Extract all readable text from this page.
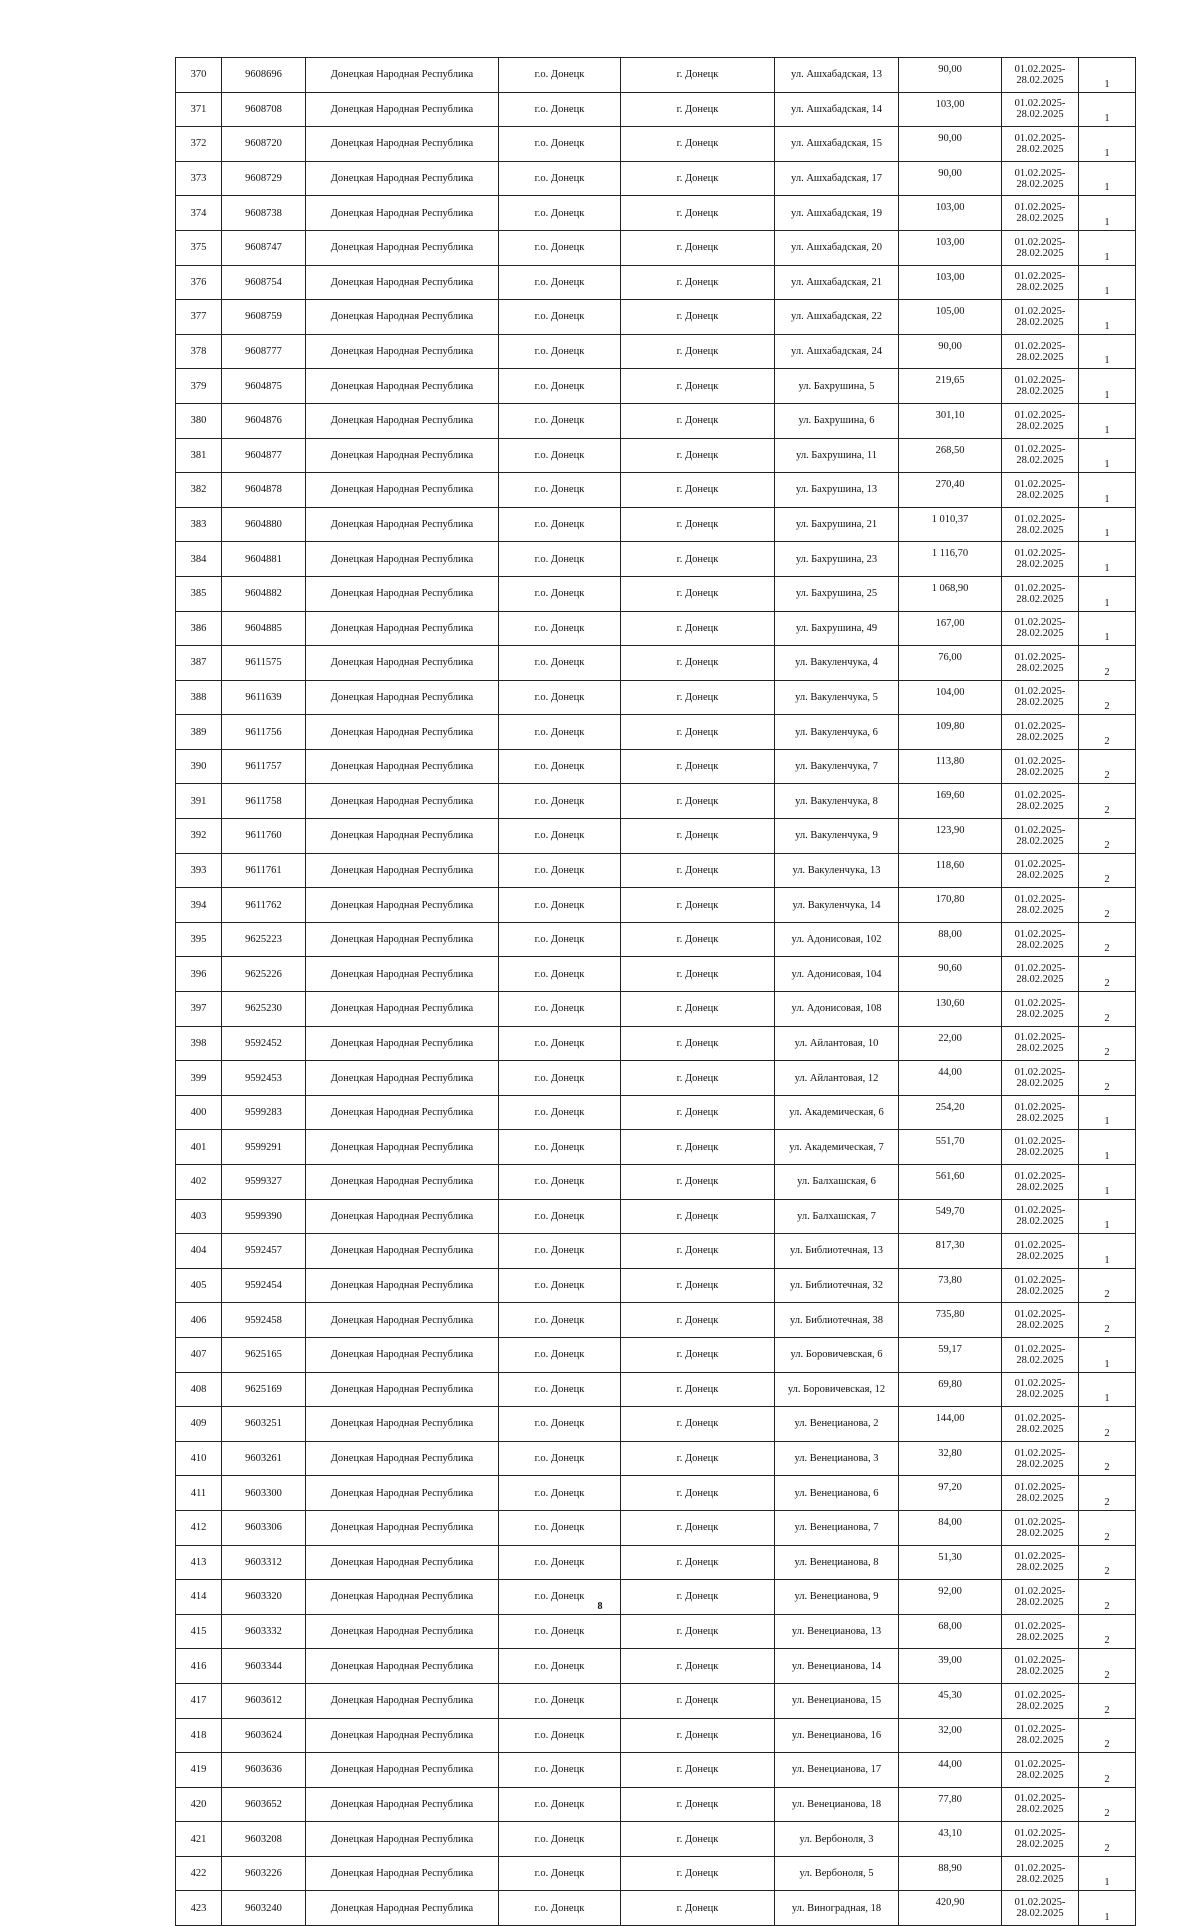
370	9608696	Донецкая Народная Республика	г.о. Донецк	г. Донецк	ул. Ашхабадская, 13	90,00	01.02.2025-
28.02.2025	1
371	9608708	Донецкая Народная Республика	г.о. Донецк	г. Донецк	ул. Ашхабадская, 14	103,00	01.02.2025-
28.02.2025	1
372	9608720	Донецкая Народная Республика	г.о. Донецк	г. Донецк	ул. Ашхабадская, 15	90,00	01.02.2025-
28.02.2025	1
373	9608729	Донецкая Народная Республика	г.о. Донецк	г. Донецк	ул. Ашхабадская, 17	90,00	01.02.2025-
28.02.2025	1
374	9608738	Донецкая Народная Республика	г.о. Донецк	г. Донецк	ул. Ашхабадская, 19	103,00	01.02.2025-
28.02.2025	1
375	9608747	Донецкая Народная Республика	г.о. Донецк	г. Донецк	ул. Ашхабадская, 20	103,00	01.02.2025-
28.02.2025	1
376	9608754	Донецкая Народная Республика	г.о. Донецк	г. Донецк	ул. Ашхабадская, 21	103,00	01.02.2025-
28.02.2025	1
377	9608759	Донецкая Народная Республика	г.о. Донецк	г. Донецк	ул. Ашхабадская, 22	105,00	01.02.2025-
28.02.2025	1
378	9608777	Донецкая Народная Республика	г.о. Донецк	г. Донецк	ул. Ашхабадская, 24	90,00	01.02.2025-
28.02.2025	1
379	9604875	Донецкая Народная Республика	г.о. Донецк	г. Донецк	ул. Бахрушина, 5	219,65	01.02.2025-
28.02.2025	1
380	9604876	Донецкая Народная Республика	г.о. Донецк	г. Донецк	ул. Бахрушина, 6	301,10	01.02.2025-
28.02.2025	1
381	9604877	Донецкая Народная Республика	г.о. Донецк	г. Донецк	ул. Бахрушина, 11	268,50	01.02.2025-
28.02.2025	1
382	9604878	Донецкая Народная Республика	г.о. Донецк	г. Донецк	ул. Бахрушина, 13	270,40	01.02.2025-
28.02.2025	1
383	9604880	Донецкая Народная Республика	г.о. Донецк	г. Донецк	ул. Бахрушина, 21	1 010,37	01.02.2025-
28.02.2025	1
384	9604881	Донецкая Народная Республика	г.о. Донецк	г. Донецк	ул. Бахрушина, 23	1 116,70	01.02.2025-
28.02.2025	1
385	9604882	Донецкая Народная Республика	г.о. Донецк	г. Донецк	ул. Бахрушина, 25	1 068,90	01.02.2025-
28.02.2025	1
386	9604885	Донецкая Народная Республика	г.о. Донецк	г. Донецк	ул. Бахрушина, 49	167,00	01.02.2025-
28.02.2025	1
387	9611575	Донецкая Народная Республика	г.о. Донецк	г. Донецк	ул. Вакуленчука, 4	76,00	01.02.2025-
28.02.2025	2
388	9611639	Донецкая Народная Республика	г.о. Донецк	г. Донецк	ул. Вакуленчука, 5	104,00	01.02.2025-
28.02.2025	2
389	9611756	Донецкая Народная Республика	г.о. Донецк	г. Донецк	ул. Вакуленчука, 6	109,80	01.02.2025-
28.02.2025	2
390	9611757	Донецкая Народная Республика	г.о. Донецк	г. Донецк	ул. Вакуленчука, 7	113,80	01.02.2025-
28.02.2025	2
391	9611758	Донецкая Народная Республика	г.о. Донецк	г. Донецк	ул. Вакуленчука, 8	169,60	01.02.2025-
28.02.2025	2
392	9611760	Донецкая Народная Республика	г.о. Донецк	г. Донецк	ул. Вакуленчука, 9	123,90	01.02.2025-
28.02.2025	2
393	9611761	Донецкая Народная Республика	г.о. Донецк	г. Донецк	ул. Вакуленчука, 13	118,60	01.02.2025-
28.02.2025	2
394	9611762	Донецкая Народная Республика	г.о. Донецк	г. Донецк	ул. Вакуленчука, 14	170,80	01.02.2025-
28.02.2025	2
395	9625223	Донецкая Народная Республика	г.о. Донецк	г. Донецк	ул. Адонисовая, 102	88,00	01.02.2025-
28.02.2025	2
396	9625226	Донецкая Народная Республика	г.о. Донецк	г. Донецк	ул. Адонисовая, 104	90,60	01.02.2025-
28.02.2025	2
397	9625230	Донецкая Народная Республика	г.о. Донецк	г. Донецк	ул. Адонисовая, 108	130,60	01.02.2025-
28.02.2025	2
398	9592452	Донецкая Народная Республика	г.о. Донецк	г. Донецк	ул. Айлантовая, 10	22,00	01.02.2025-
28.02.2025	2
399	9592453	Донецкая Народная Республика	г.о. Донецк	г. Донецк	ул. Айлантовая, 12	44,00	01.02.2025-
28.02.2025	2
400	9599283	Донецкая Народная Республика	г.о. Донецк	г. Донецк	ул. Академическая, 6	254,20	01.02.2025-
28.02.2025	1
401	9599291	Донецкая Народная Республика	г.о. Донецк	г. Донецк	ул. Академическая, 7	551,70	01.02.2025-
28.02.2025	1
402	9599327	Донецкая Народная Республика	г.о. Донецк	г. Донецк	ул. Балхашская, 6	561,60	01.02.2025-
28.02.2025	1
403	9599390	Донецкая Народная Республика	г.о. Донецк	г. Донецк	ул. Балхашская, 7	549,70	01.02.2025-
28.02.2025	1
404	9592457	Донецкая Народная Республика	г.о. Донецк	г. Донецк	ул. Библиотечная, 13	817,30	01.02.2025-
28.02.2025	1
405	9592454	Донецкая Народная Республика	г.о. Донецк	г. Донецк	ул. Библиотечная, 32	73,80	01.02.2025-
28.02.2025	2
406	9592458	Донецкая Народная Республика	г.о. Донецк	г. Донецк	ул. Библиотечная, 38	735,80	01.02.2025-
28.02.2025	2
407	9625165	Донецкая Народная Республика	г.о. Донецк	г. Донецк	ул. Боровичевская, 6	59,17	01.02.2025-
28.02.2025	1
408	9625169	Донецкая Народная Республика	г.о. Донецк	г. Донецк	ул. Боровичевская, 12	69,80	01.02.2025-
28.02.2025	1
409	9603251	Донецкая Народная Республика	г.о. Донецк	г. Донецк	ул. Венецианова, 2	144,00	01.02.2025-
28.02.2025	2
410	9603261	Донецкая Народная Республика	г.о. Донецк	г. Донецк	ул. Венецианова, 3	32,80	01.02.2025-
28.02.2025	2
411	9603300	Донецкая Народная Республика	г.о. Донецк	г. Донецк	ул. Венецианова, 6	97,20	01.02.2025-
28.02.2025	2
412	9603306	Донецкая Народная Республика	г.о. Донецк	г. Донецк	ул. Венецианова, 7	84,00	01.02.2025-
28.02.2025	2
413	9603312	Донецкая Народная Республика	г.о. Донецк	г. Донецк	ул. Венецианова, 8	51,30	01.02.2025-
28.02.2025	2
414	9603320	Донецкая Народная Республика	г.о. Донецк	г. Донецк	ул. Венецианова, 9	92,00	01.02.2025-
28.02.2025	2
415	9603332	Донецкая Народная Республика	г.о. Донецк	г. Донецк	ул. Венецианова, 13	68,00	01.02.2025-
28.02.2025	2
416	9603344	Донецкая Народная Республика	г.о. Донецк	г. Донецк	ул. Венецианова, 14	39,00	01.02.2025-
28.02.2025	2
417	9603612	Донецкая Народная Республика	г.о. Донецк	г. Донецк	ул. Венецианова, 15	45,30	01.02.2025-
28.02.2025	2
418	9603624	Донецкая Народная Республика	г.о. Донецк	г. Донецк	ул. Венецианова, 16	32,00	01.02.2025-
28.02.2025	2
419	9603636	Донецкая Народная Республика	г.о. Донецк	г. Донецк	ул. Венецианова, 17	44,00	01.02.2025-
28.02.2025	2
420	9603652	Донецкая Народная Республика	г.о. Донецк	г. Донецк	ул. Венецианова, 18	77,80	01.02.2025-
28.02.2025	2
421	9603208	Донецкая Народная Республика	г.о. Донецк	г. Донецк	ул. Вербоноля, 3	43,10	01.02.2025-
28.02.2025	2
422	9603226	Донецкая Народная Республика	г.о. Донецк	г. Донецк	ул. Вербоноля, 5	88,90	01.02.2025-
28.02.2025	1
423	9603240	Донецкая Народная Республика	г.о. Донецк	г. Донецк	ул. Виноградная, 18	420,90	01.02.2025-
28.02.2025	1
8
